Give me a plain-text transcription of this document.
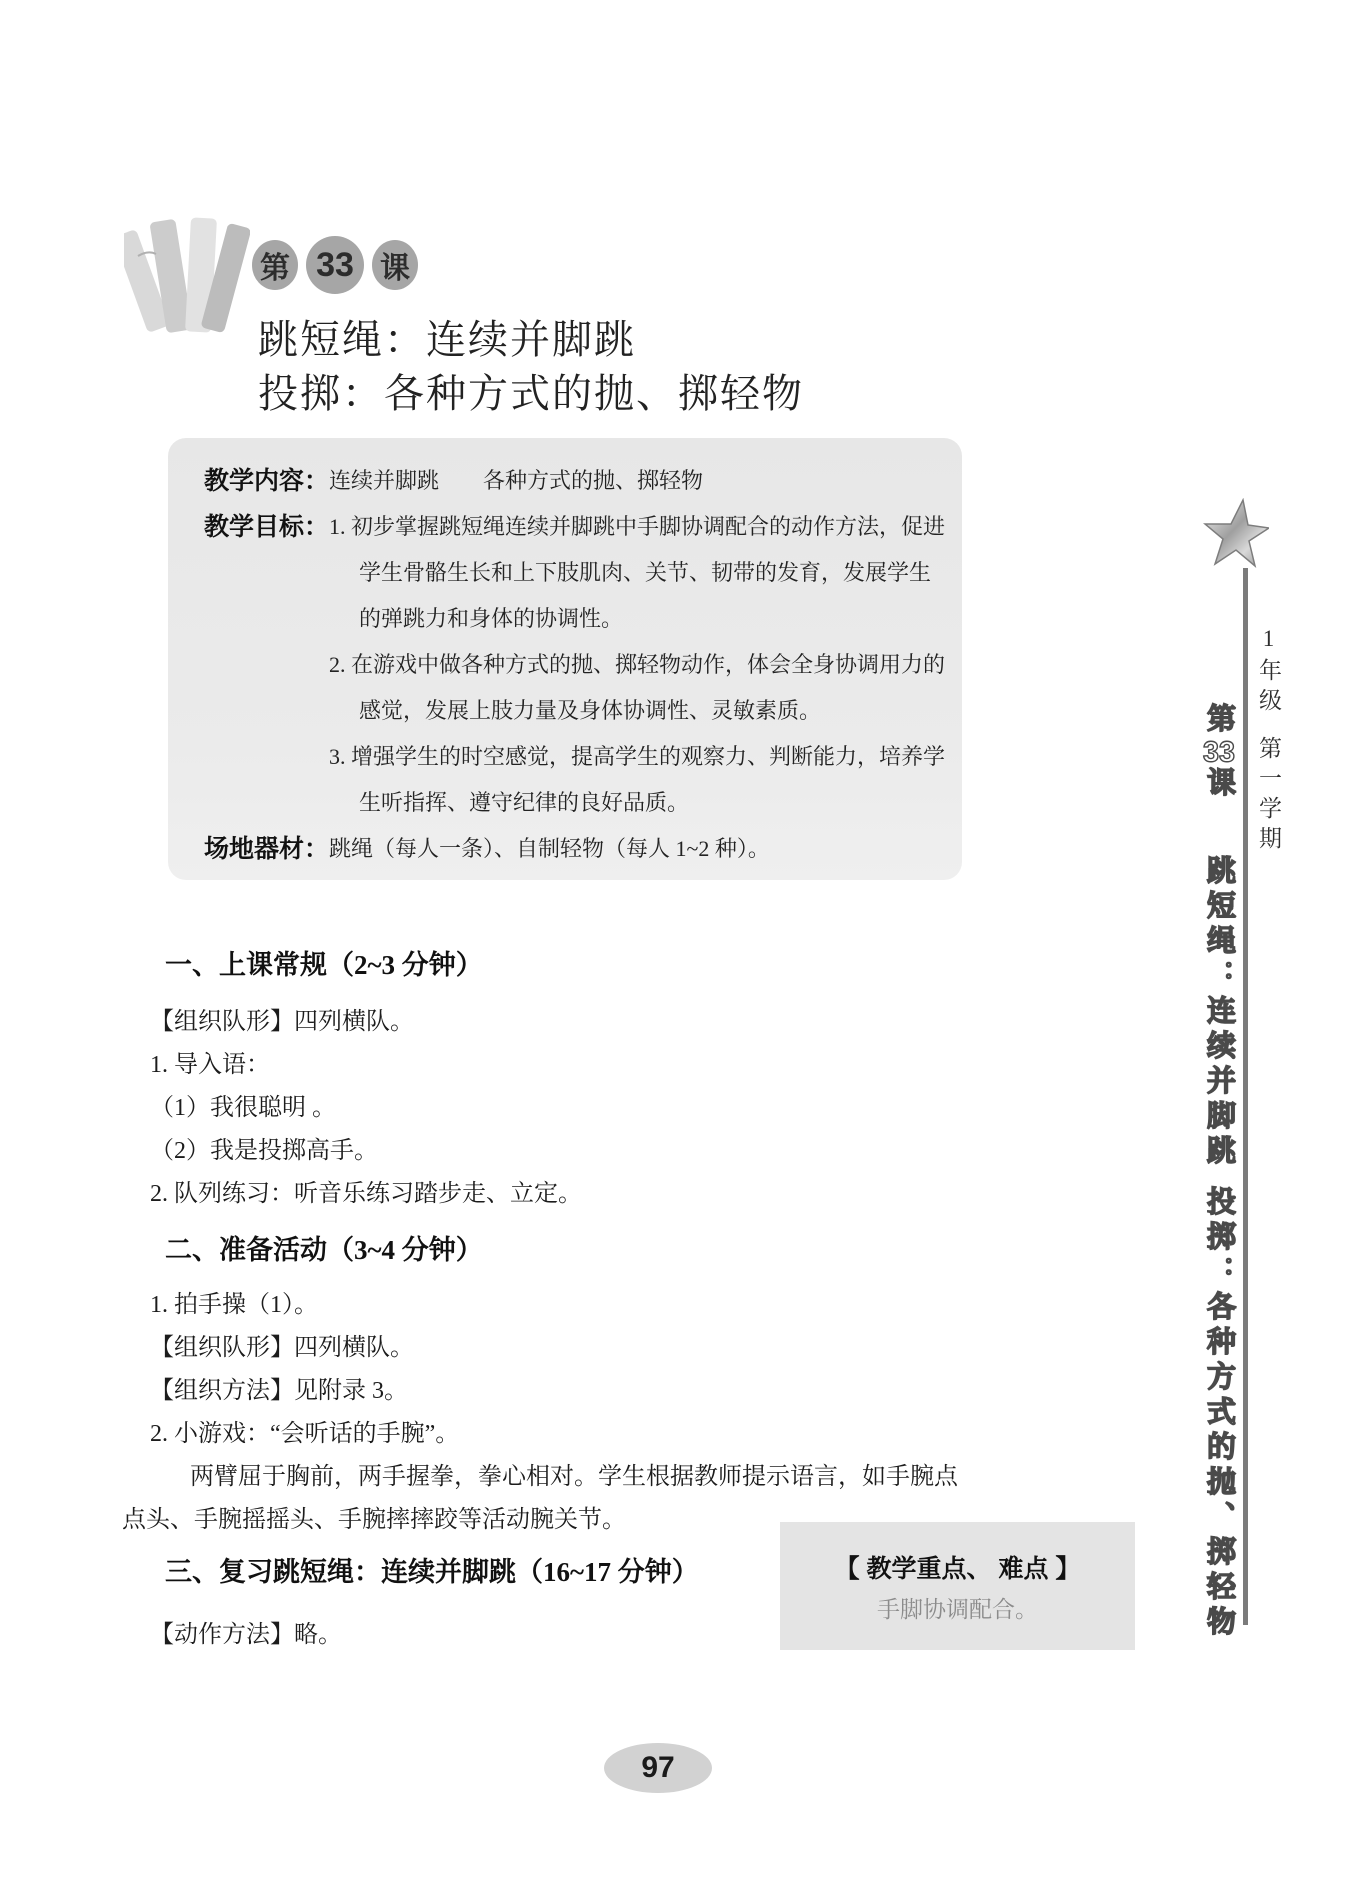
第 33 课
跳短绳：连续并脚跳
投掷：各种方式的抛、掷轻物
教学内容： 连续并脚跳　　各种方式的抛、掷轻物
教学目标： 1. 初步掌握跳短绳连续并脚跳中手脚协调配合的动作方法，促进学生骨骼生长和上下肢肌肉、关节、韧带的发育，发展学生的弹跳力和身体的协调性。
2. 在游戏中做各种方式的抛、掷轻物动作，体会全身协调用力的感觉，发展上肢力量及身体协调性、灵敏素质。
3. 增强学生的时空感觉，提高学生的观察力、判断能力，培养学生听指挥、遵守纪律的良好品质。
场地器材： 跳绳（每人一条）、自制轻物（每人 1~2 种）。
一、上课常规（2~3 分钟）
【组织队形】四列横队。
1. 导入语：
（1）我很聪明 。
（2）我是投掷高手。
2. 队列练习：听音乐练习踏步走、立定。
二、准备活动（3~4 分钟）
1. 拍手操（1）。
【组织队形】四列横队。
【组织方法】见附录 3。
2. 小游戏：“会听话的手腕”。
两臂屈于胸前，两手握拳，拳心相对。学生根据教师提示语言，如手腕点点头、手腕摇摇头、手腕摔摔跤等活动腕关节。
三、复习跳短绳：连续并脚跳（16~17 分钟）
【动作方法】略。
【 教学重点、 难点 】
手脚协调配合。
97
1年级
第一学期
第33课
跳短绳：连续并脚跳
投掷：各种方式的抛、掷轻物
